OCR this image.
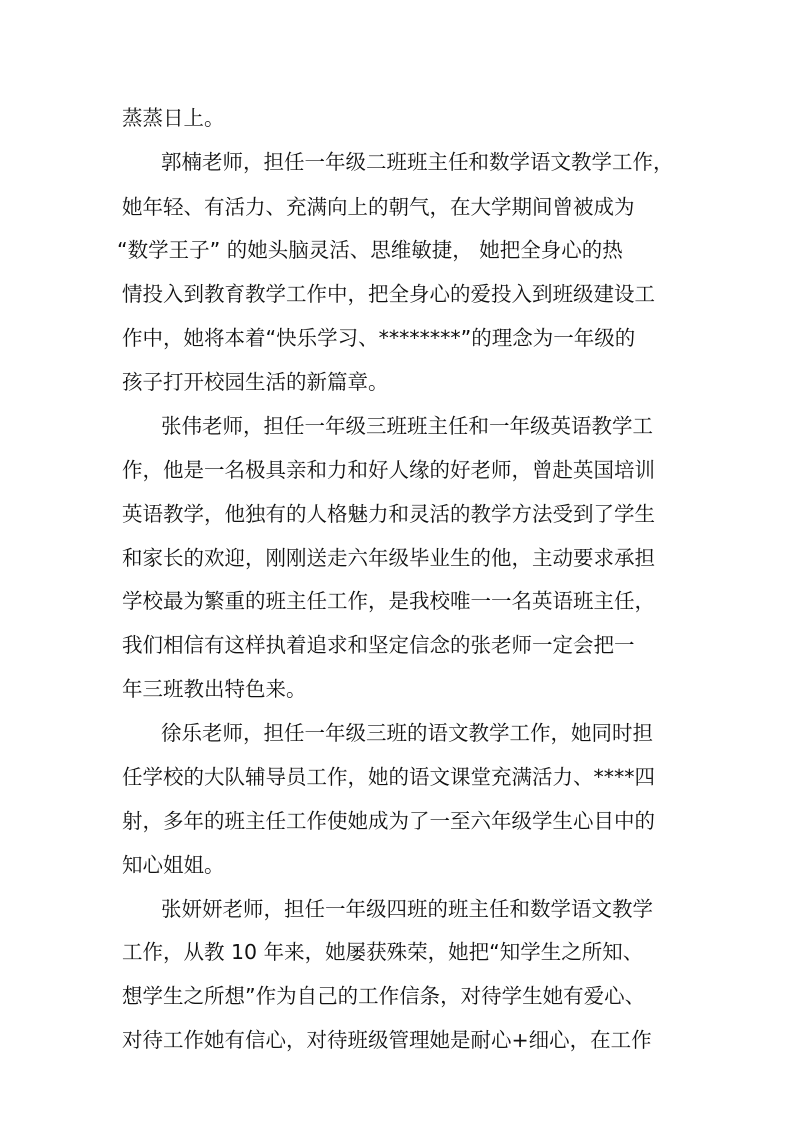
蒸蒸日上。

郭楠老师，担任一年级二班班主任和数学语文教学工作，

她年轻、有活力、充满向上的朝气，在大学期间曾被成为

“数学王子” 的她头脑灵活、思维敏捷， 她把全身心的热

情投入到教育教学工作中，把全身心的爱投入到班级建设工

作中，她将本着“快乐学习、********”的理念为一年级的

孩子打开校园生活的新篇章。

张伟老师，担任一年级三班班主任和一年级英语教学工

作，他是一名极具亲和力和好人缘的好老师，曾赴英国培训

英语教学，他独有的人格魅力和灵活的教学方法受到了学生

和家长的欢迎，刚刚送走六年级毕业生的他，主动要求承担

学校最为繁重的班主任工作，是我校唯一一名英语班主任，

我们相信有这样执着追求和坚定信念的张老师一定会把一

年三班教出特色来。

徐乐老师，担任一年级三班的语文教学工作，她同时担

任学校的大队辅导员工作，她的语文课堂充满活力、****四

射，多年的班主任工作使她成为了一至六年级学生心目中的

知心姐姐。

张妍妍老师，担任一年级四班的班主任和数学语文教学

工作，从教 10 年来，她屡获殊荣，她把“知学生之所知、

想学生之所想”作为自己的工作信条，对待学生她有爱心、

对待工作她有信心，对待班级管理她是耐心+细心，在工作
